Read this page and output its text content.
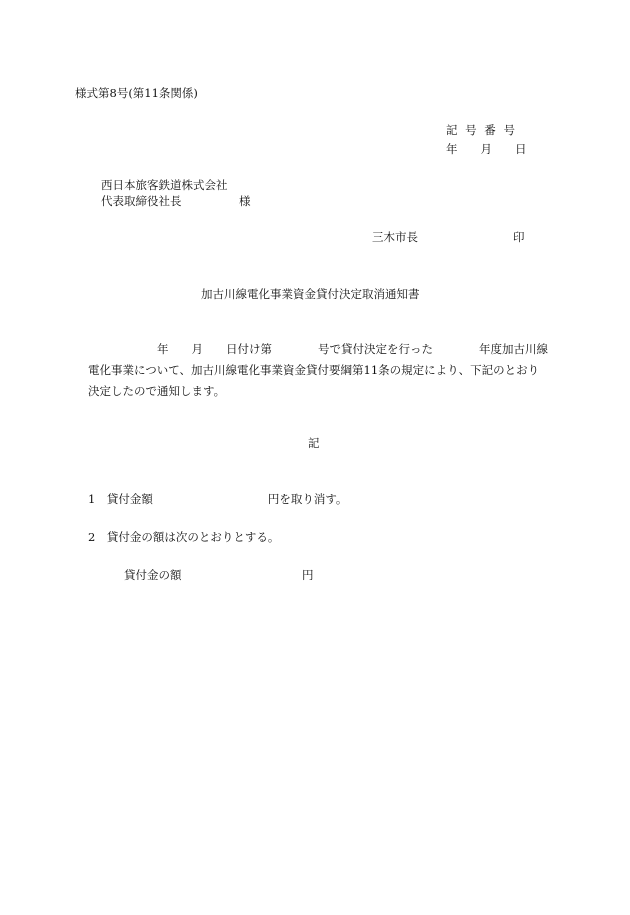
様式第8号(第11条関係)
記 号 番 号
年　　月　　日
西日本旅客鉄道株式会社
代表取締役社長　　　　　様
三木市長	印
加古川線電化事業資金貸付決定取消通知書
　　　　　　年　　月　　日付け第　　　　号で貸付決定を行った　　　　年度加古川線
電化事業について、加古川線電化事業資金貸付要綱第11条の規定により、下記のとおり
決定したので通知します。
記
1　貸付金額　　　　　　　　　　円を取り消す。
2　貸付金の額は次のとおりとする。
貸付金の額	円
